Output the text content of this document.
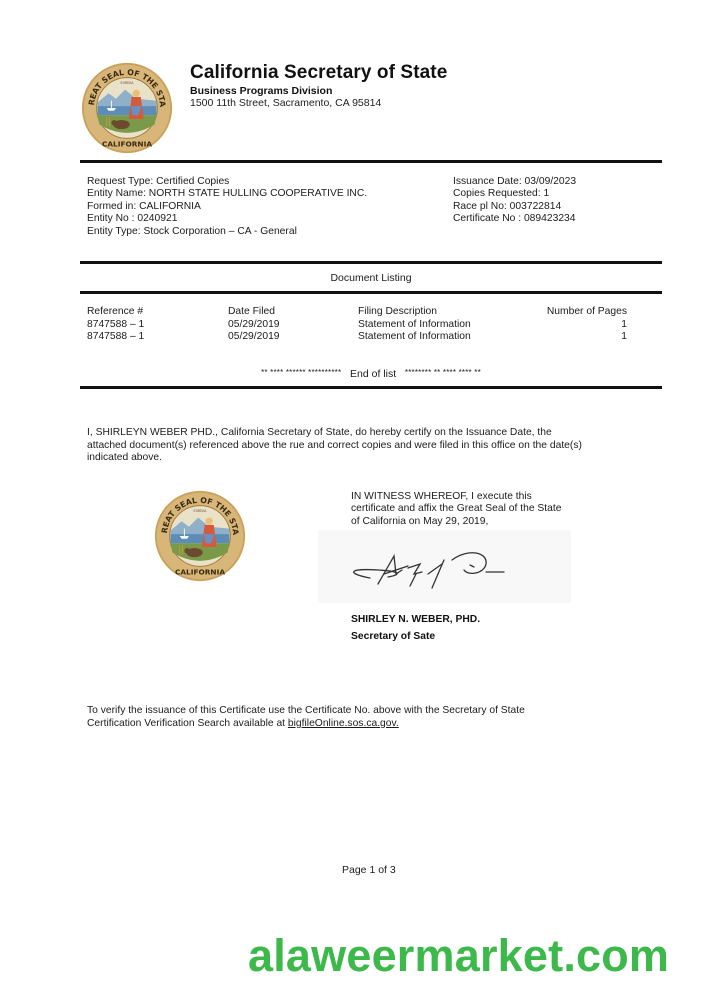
California Secretary of State
Business Programs Division
1500 11th Street, Sacramento, CA 95814
Request Type: Certified Copies
Entity Name: NORTH STATE HULLING COOPERATIVE INC.
Formed in: CALIFORNIA
Entity No : 0240921
Entity Type: Stock Corporation – CA - General
Issuance Date: 03/09/2023
Copies Requested: 1
Race pl No: 003722814
Certificate No : 089423234
Document Listing
Reference #	Date Filed	Filing Description	Number of Pages
8747588 – 1	05/29/2019	Statement of Information	1
8747588 – 1	05/29/2019	Statement of Information	1
** **** ****** ********** End of list ******** ** **** **** **
I, SHIRLEYN WEBER PHD., California Secretary of State, do hereby certify on the Issuance Date, the attached document(s) referenced above the rue and correct copies and were filed in this office on the date(s) indicated above.
IN WITNESS WHEREOF, I execute this certificate and affix the Great Seal of the State of California on May 29, 2019,
SHIRLEY N. WEBER, PHD.
Secretary of Sate
To verify the issuance of this Certificate use the Certificate No. above with the Secretary of State Certification Verification Search available at bigfileOnline.sos.ca.gov.
Page 1 of 3
alaweermarket.com
